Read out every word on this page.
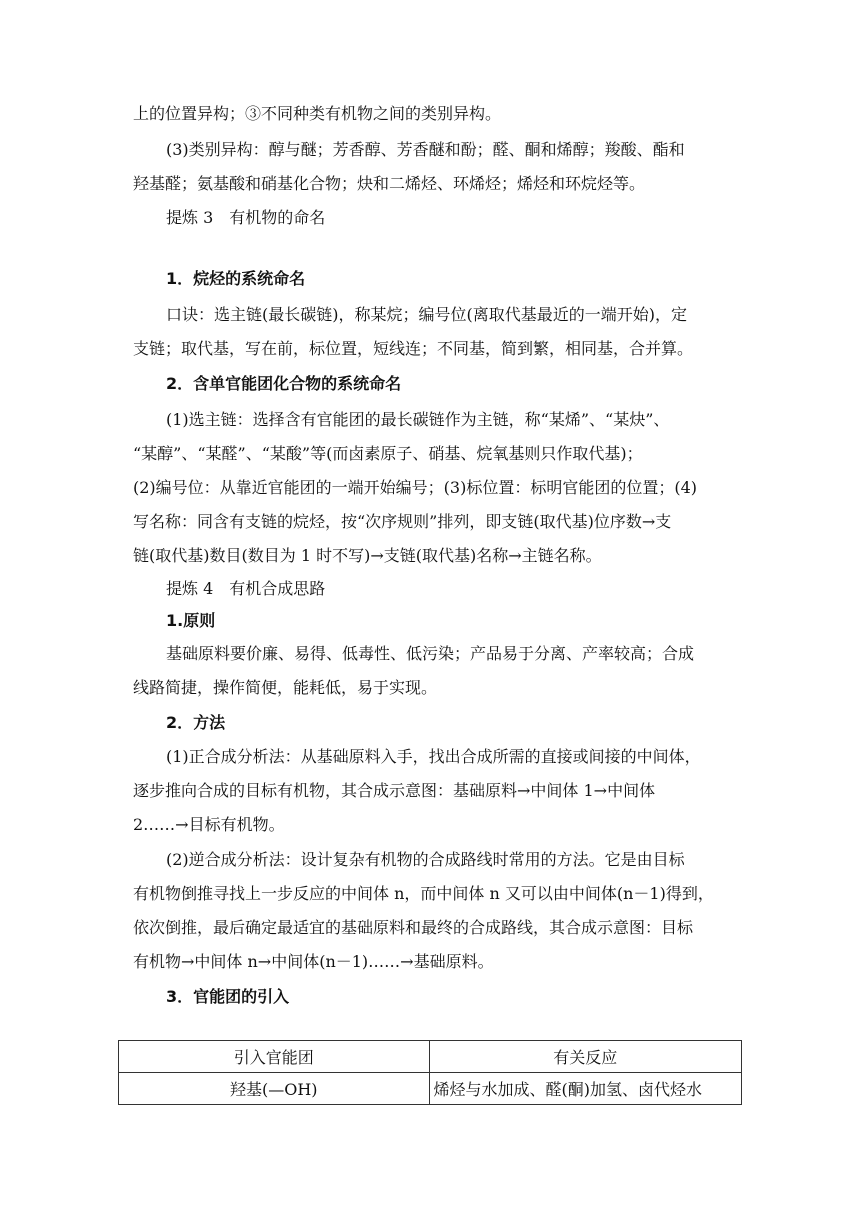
上的位置异构；③不同种类有机物之间的类别异构。
(3)类别异构：醇与醚；芳香醇、芳香醚和酚；醛、酮和烯醇；羧酸、酯和
羟基醛；氨基酸和硝基化合物；炔和二烯烃、环烯烃；烯烃和环烷烃等。
提炼 3　有机物的命名
1．烷烃的系统命名
口诀：选主链(最长碳链)，称某烷；编号位(离取代基最近的一端开始)，定
支链；取代基，写在前，标位置，短线连；不同基，简到繁，相同基，合并算。
2．含单官能团化合物的系统命名
(1)选主链：选择含有官能团的最长碳链作为主链，称“某烯”、“某炔”、
“某醇”、“某醛”、“某酸”等(而卤素原子、硝基、烷氧基则只作取代基)；
(2)编号位：从靠近官能团的一端开始编号；(3)标位置：标明官能团的位置；(4)
写名称：同含有支链的烷烃，按“次序规则”排列，即支链(取代基)位序数→支
链(取代基)数目(数目为 1 时不写)→支链(取代基)名称→主链名称。
提炼 4　有机合成思路
1.原则
基础原料要价廉、易得、低毒性、低污染；产品易于分离、产率较高；合成
线路简捷，操作简便，能耗低，易于实现。
2．方法
(1)正合成分析法：从基础原料入手，找出合成所需的直接或间接的中间体，
逐步推向合成的目标有机物，其合成示意图：基础原料→中间体 1→中间体
2……→目标有机物。
(2)逆合成分析法：设计复杂有机物的合成路线时常用的方法。它是由目标
有机物倒推寻找上一步反应的中间体 n，而中间体 n 又可以由中间体(n－1)得到，
依次倒推，最后确定最适宜的基础原料和最终的合成路线，其合成示意图：目标
有机物→中间体 n→中间体(n－1)……→基础原料。
3．官能团的引入
引入官能团	有关反应
羟基(—OH)	烯烃与水加成、醛(酮)加氢、卤代烃水
